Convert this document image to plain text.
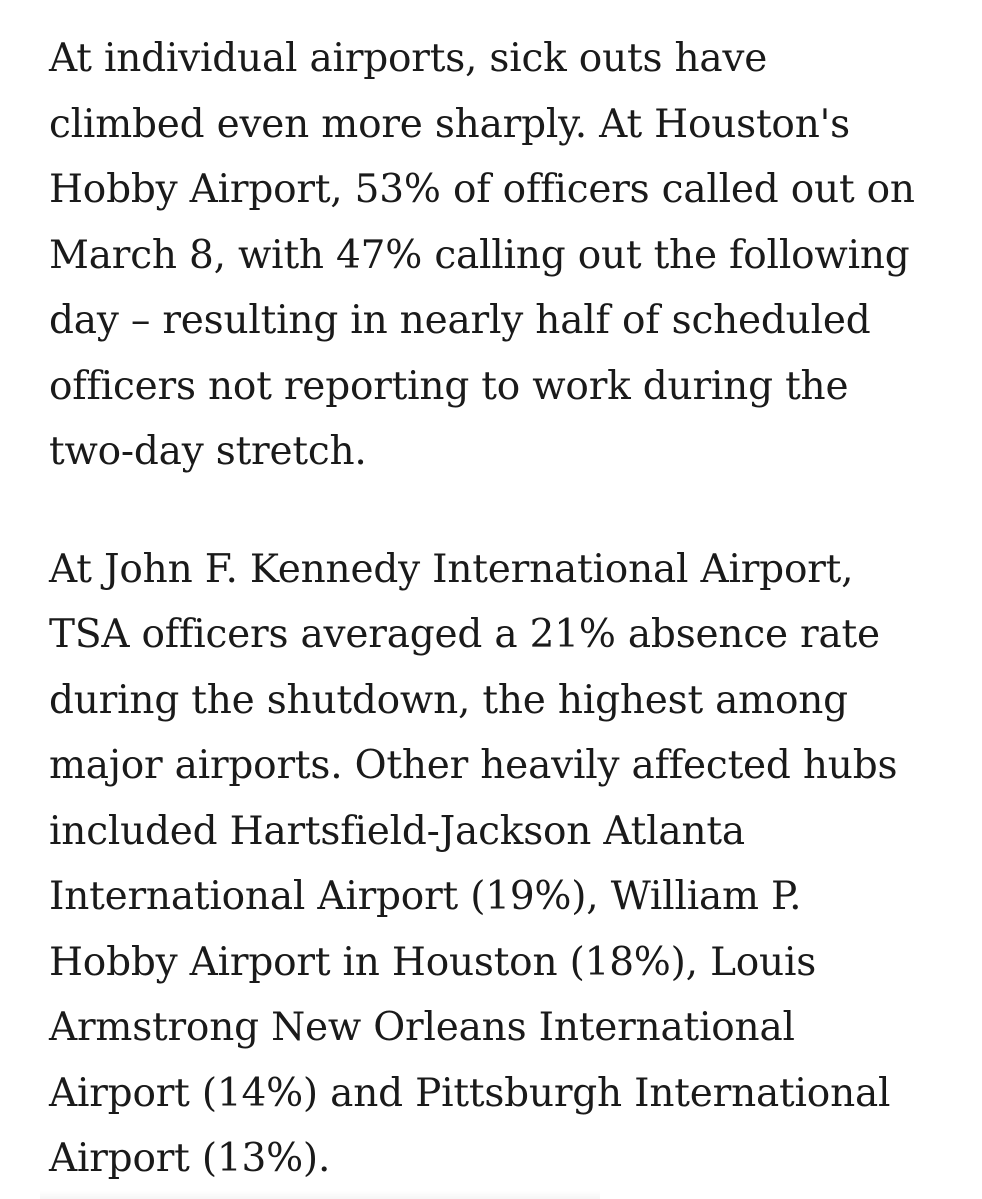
At individual airports, sick outs have
climbed even more sharply. At Houston's
Hobby Airport, 53% of officers called out on
March 8, with 47% calling out the following
day – resulting in nearly half of scheduled
officers not reporting to work during the
two-day stretch.

At John F. Kennedy International Airport,
TSA officers averaged a 21% absence rate
during the shutdown, the highest among
major airports. Other heavily affected hubs
included Hartsfield-Jackson Atlanta
International Airport (19%), William P.
Hobby Airport in Houston (18%), Louis
Armstrong New Orleans International
Airport (14%) and Pittsburgh International
Airport (13%).
